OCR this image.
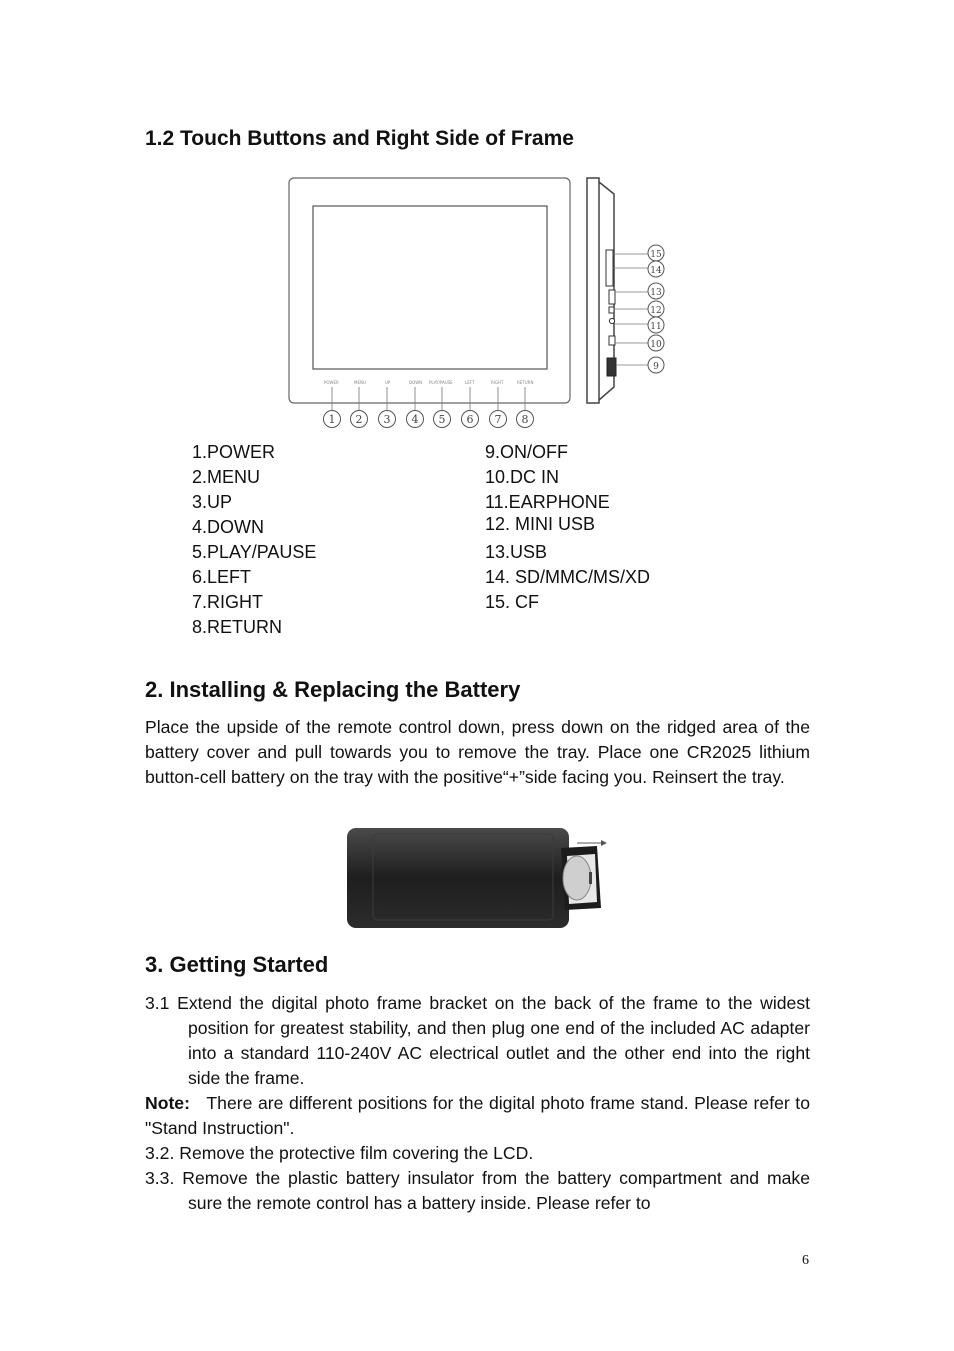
1.2 Touch Buttons and Right Side of Frame
POWER	MENU	UP	DOWN PLAY/PAUSE	LEFT	RIGHT	RETURN
1 2 3 4 5 6 7 8
9
10
11
12
13
14
15
1.POWER
2.MENU
3.UP
4.DOWN
5.PLAY/PAUSE
6.LEFT
7.RIGHT
8.RETURN
9.ON/OFF
10.DC IN
11.EARPHONE
12. MINI USB
13.USB
14. SD/MMC/MS/XD
15. CF
2. Installing & Replacing the Battery

Place the upside of the remote control down, press down on the ridged area of the battery cover and pull towards you to remove the tray. Place one CR2025 lithium button-cell battery on the tray with the positive“+”side facing you. Reinsert the tray.

3. Getting Started

3.1 Extend the digital photo frame bracket on the back of the frame to the widest position for greatest stability, and then plug one end of the included AC adapter into a standard 110-240V AC electrical outlet and the other end into the right side the frame.

Note: There are different positions for the digital photo frame stand. Please refer to "Stand Instruction".

3.2. Remove the protective film covering the LCD.

3.3. Remove the plastic battery insulator from the battery compartment and make sure the remote control has a battery inside. Please refer to

6
